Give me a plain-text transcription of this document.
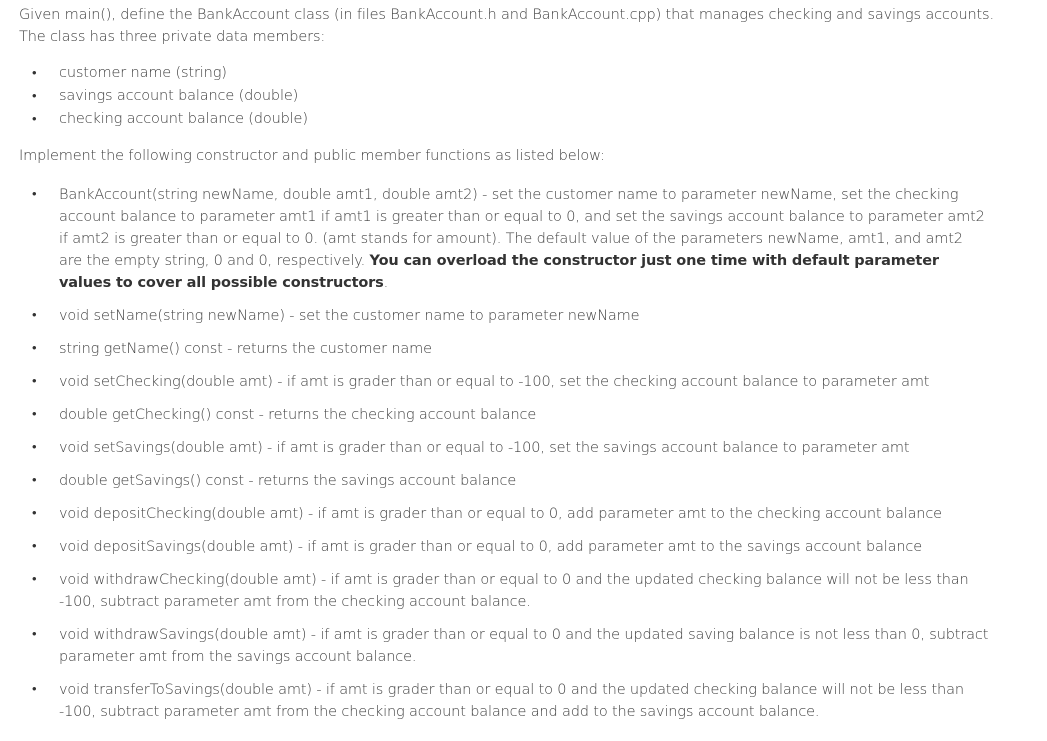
Given main(), define the BankAccount class (in files BankAccount.h and BankAccount.cpp) that manages checking and savings accounts. The class has three private data members:

• customer name (string)
• savings account balance (double)
• checking account balance (double)

Implement the following constructor and public member functions as listed below:

• BankAccount(string newName, double amt1, double amt2) - set the customer name to parameter newName, set the checking account balance to parameter amt1 if amt1 is greater than or equal to 0, and set the savings account balance to parameter amt2 if amt2 is greater than or equal to 0. (amt stands for amount). The default value of the parameters newName, amt1, and amt2 are the empty string, 0 and 0, respectively. You can overload the constructor just one time with default parameter values to cover all possible constructors.
• void setName(string newName) - set the customer name to parameter newName
• string getName() const - returns the customer name
• void setChecking(double amt) - if amt is grader than or equal to -100, set the checking account balance to parameter amt
• double getChecking() const - returns the checking account balance
• void setSavings(double amt) - if amt is grader than or equal to -100, set the savings account balance to parameter amt
• double getSavings() const - returns the savings account balance
• void depositChecking(double amt) - if amt is grader than or equal to 0, add parameter amt to the checking account balance
• void depositSavings(double amt) - if amt is grader than or equal to 0, add parameter amt to the savings account balance
• void withdrawChecking(double amt) - if amt is grader than or equal to 0 and the updated checking balance will not be less than -100, subtract parameter amt from the checking account balance.
• void withdrawSavings(double amt) - if amt is grader than or equal to 0 and the updated saving balance is not less than 0, subtract parameter amt from the savings account balance.
• void transferToSavings(double amt) - if amt is grader than or equal to 0 and the updated checking balance will not be less than -100, subtract parameter amt from the checking account balance and add to the savings account balance.
